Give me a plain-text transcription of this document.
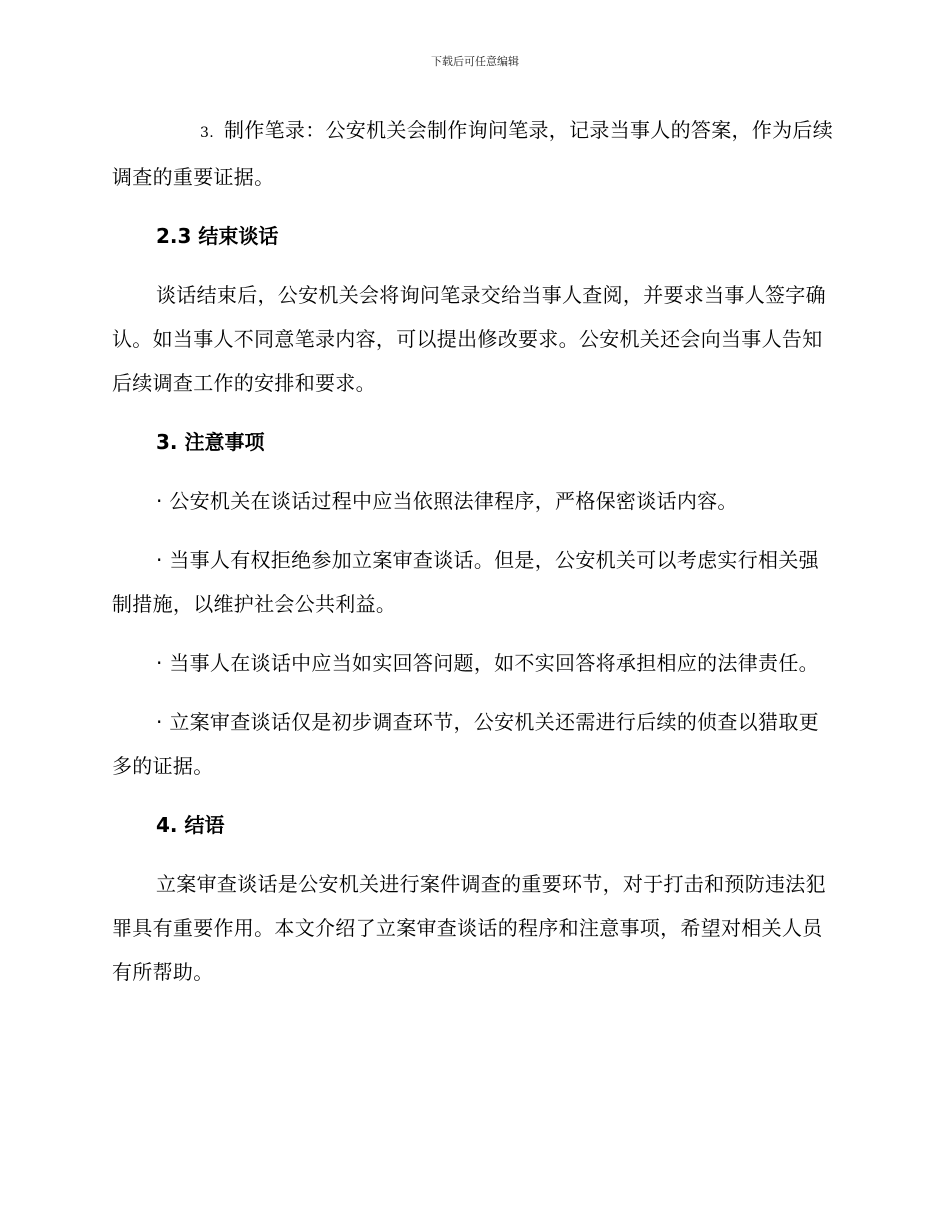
下载后可任意编辑

3. 制作笔录：公安机关会制作询问笔录，记录当事人的答案，作为后续调查的重要证据。

2.3 结束谈话

谈话结束后，公安机关会将询问笔录交给当事人查阅，并要求当事人签字确认。如当事人不同意笔录内容，可以提出修改要求。公安机关还会向当事人告知后续调查工作的安排和要求。

3. 注意事项

· 公安机关在谈话过程中应当依照法律程序，严格保密谈话内容。

· 当事人有权拒绝参加立案审查谈话。但是，公安机关可以考虑实行相关强制措施，以维护社会公共利益。

· 当事人在谈话中应当如实回答问题，如不实回答将承担相应的法律责任。

· 立案审查谈话仅是初步调查环节，公安机关还需进行后续的侦查以猎取更多的证据。

4. 结语

立案审查谈话是公安机关进行案件调查的重要环节，对于打击和预防违法犯罪具有重要作用。本文介绍了立案审查谈话的程序和注意事项，希望对相关人员有所帮助。
